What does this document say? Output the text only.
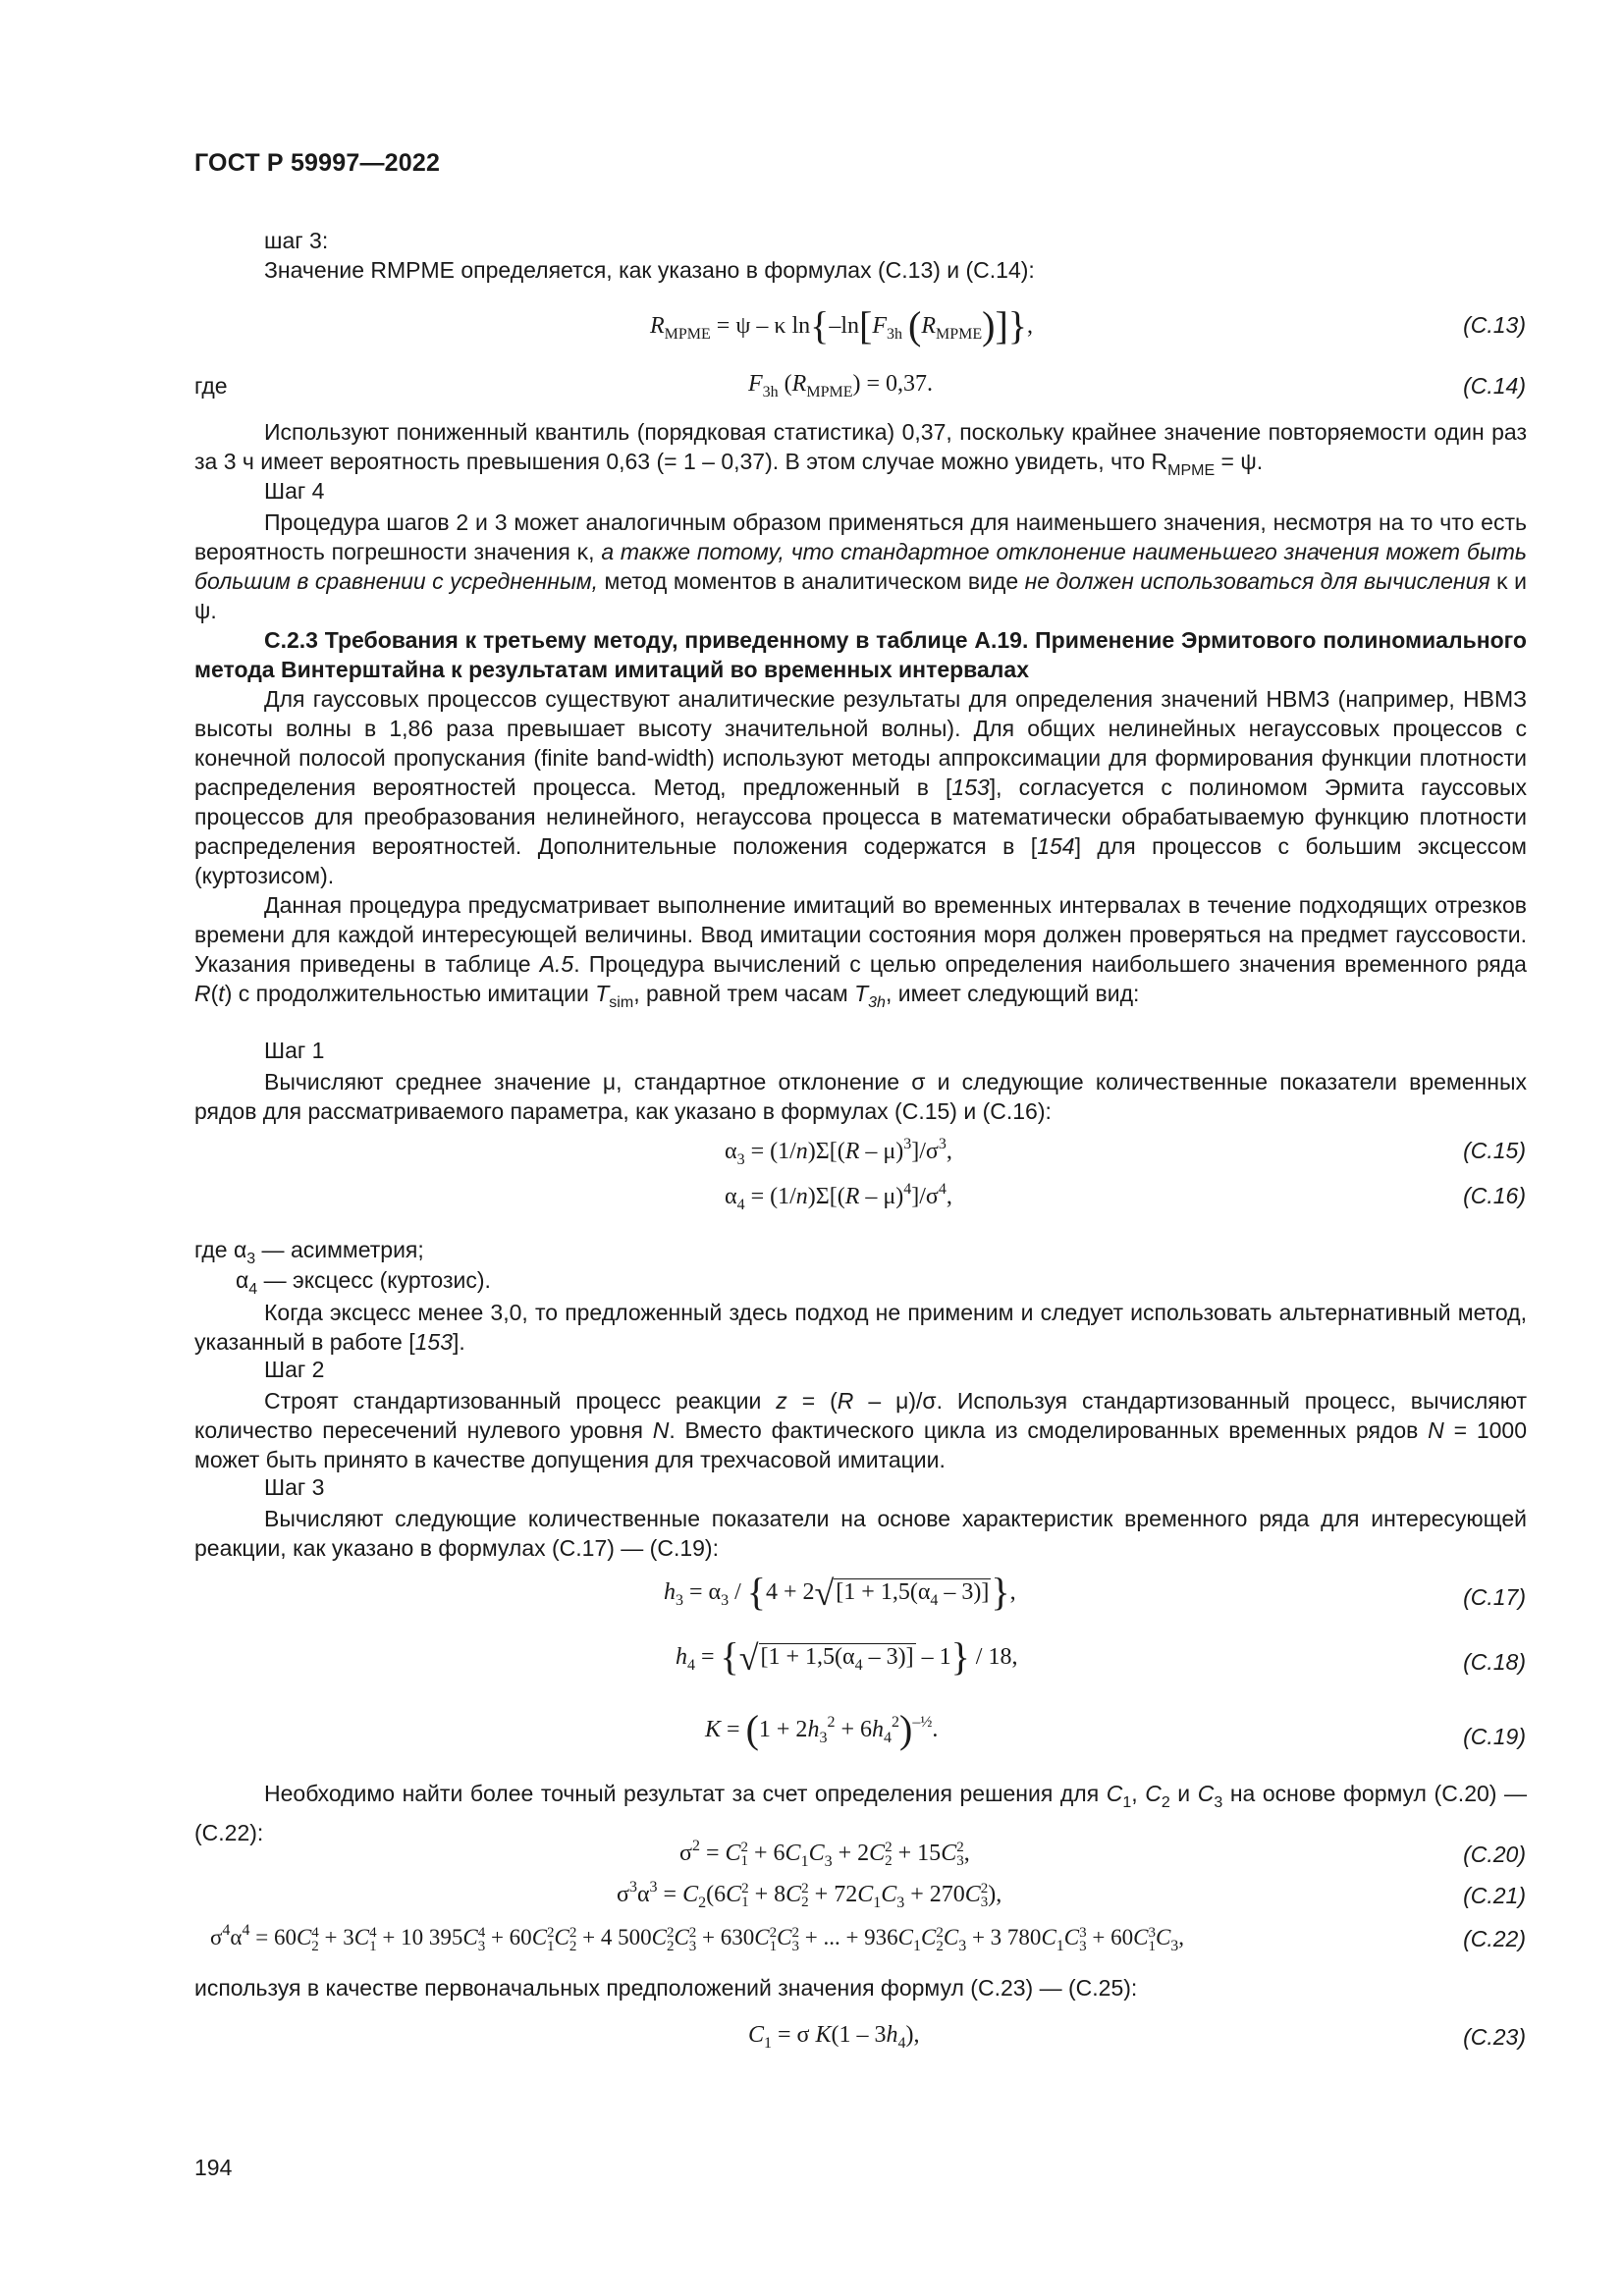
ГОСТ Р 59997—2022
шаг 3:
Значение RMPME определяется, как указано в формулах (C.13) и (C.14):
$R_{MPME} = \psi - \kappa$ $\ln\{-\ln[F_{3h}$ $(R_{MPME})$]},	(C.13)
где	$F_{3h}$ $(R_{MPME}) = 0,37$.	(C.14)
Используют пониженный квантиль (порядковая статистика) 0,37, поскольку крайнее значение повторяемости один раз за 3 ч имеет вероятность превышения 0,63 (= 1 – 0,37). В этом случае можно увидеть, что $R_{MPME} = \psi$.
Шаг 4
Процедура шагов 2 и 3 может аналогичным образом применяться для наименьшего значения, несмотря на то что есть вероятность погрешности значения κ, а также потому, что стандартное отклонение наименьшего значения может быть большим в сравнении с усредненным, метод моментов в аналитическом виде не должен использоваться для вычисления κ и ψ.
С.2.3 Требования к третьему методу, приведенному в таблице А.19. Применение Эрмитового полиномиального метода Винтерштайна к результатам имитаций во временных интервалах
Для гауссовых процессов существуют аналитические результаты для определения значений НВМЗ (например, НВМЗ высоты волны в 1,86 раза превышает высоту значительной волны). Для общих нелинейных негауссовых процессов с конечной полосой пропускания (finite band-width) используют методы аппроксимации для формирования функции плотности распределения вероятностей процесса. Метод, предложенный в [153], согласуется с полиномом Эрмита гауссовых процессов для преобразования нелинейного, негауссова процесса в математически обрабатываемую функцию плотности распределения вероятностей. Дополнительные положения содержатся в [154] для процессов с большим эксцессом (куртозисом).
Данная процедура предусматривает выполнение имитаций во временных интервалах в течение подходящих отрезков времени для каждой интересующей величины. Ввод имитации состояния моря должен проверяться на предмет гауссовости. Указания приведены в таблице А.5. Процедура вычислений с целью определения наибольшего значения временного ряда R(t) с продолжительностью имитации $T_{sim}$, равной трем часам $T_{3h}$, имеет следующий вид:
Шаг 1
Вычисляют среднее значение μ, стандартное отклонение σ и следующие количественные показатели временных рядов для рассматриваемого параметра, как указано в формулах (C.15) и (C.16):
$\alpha_3 = (1/n)\Sigma[(R - \mu)^3]/\sigma^3$,	(C.15)
$\alpha_4 = (1/n)\Sigma[(R - \mu)^4]/\sigma^4$,	(C.16)
где $\alpha_3$ — асимметрия;
$\alpha_4$ — эксцесс (куртозис).
Когда эксцесс менее 3,0, то предложенный здесь подход не применим и следует использовать альтернативный метод, указанный в работе [153].
Шаг 2
Строят стандартизованный процесс реакции z = (R – μ)/σ. Используя стандартизованный процесс, вычисляют количество пересечений нулевого уровня N. Вместо фактического цикла из смоделированных временных рядов N = 1000 может быть принято в качестве допущения для трехчасовой имитации.
Шаг 3
Вычисляют следующие количественные показатели на основе характеристик временного ряда для интересующей реакции, как указано в формулах (C.17) — (C.19):
$h_3 = \alpha_3 / \{4 + 2√[1 + 1,5(\alpha_4 - 3)]\}$,	(C.17)
$h_4 = \{√[1 + 1,5(\alpha_4 - 3)] - 1\} / 18$,	(C.18)
$K = (1 + 2h_3^2 + 6h_4^2)^{-\frac{1}{2}}$.	(C.19)
Необходимо найти более точный результат за счет определения решения для $C_1$, $C_2$ и $C_3$ на основе формул (C.20) — (C.22):
$\sigma^2 = C$ 2
$1 + 6C_1C_3 + 2C$ 2
2 + 15C 2
3 ,	(C.20)
$\sigma^3\alpha^3 = C_2(6C$ 2
1 + 8C 2
$2 + 72C_1C_3 + 270C$ 2
3 ),	(C.21)
$\sigma^4\alpha^4 = 60C$ 4
2 + 3C 4
1 + 10 395C 4
3 + 60C 2
1 C 2
2 + 4 500C 2
2 C 2
3 + 630C 2
1 C 2
3 + ... + $936C_1C$ 2
2 $C_3 + 3$ $780C_1C$ 3
3 + 60C 3
1 $C_3$,	(C.22)
используя в качестве первоначальных предположений значения формул (C.23) — (C.25):
$C_1 = \sigma$ $K(1 - 3h_4)$,	(C.23)
194
